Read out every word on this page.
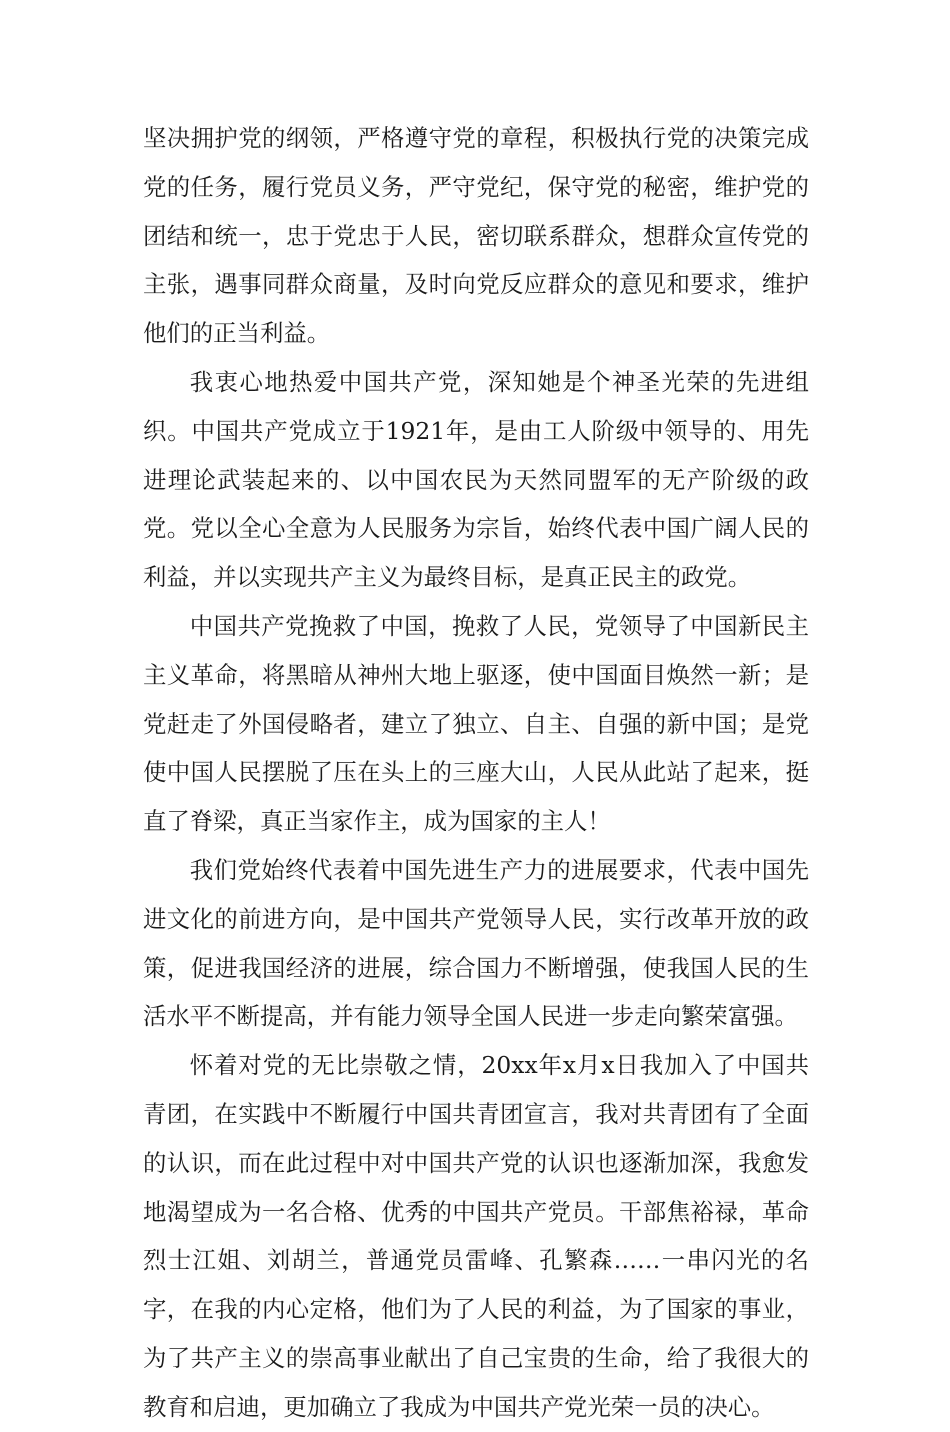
坚决拥护党的纲领，严格遵守党的章程，积极执行党的决策完成党的任务，履行党员义务，严守党纪，保守党的秘密，维护党的团结和统一，忠于党忠于人民，密切联系群众，想群众宣传党的主张，遇事同群众商量，及时向党反应群众的意见和要求，维护他们的正当利益。

我衷心地热爱中国共产党，深知她是个神圣光荣的先进组织。中国共产党成立于1921年，是由工人阶级中领导的、用先进理论武装起来的、以中国农民为天然同盟军的无产阶级的政党。党以全心全意为人民服务为宗旨，始终代表中国广阔人民的利益，并以实现共产主义为最终目标，是真正民主的政党。

中国共产党挽救了中国，挽救了人民，党领导了中国新民主主义革命，将黑暗从神州大地上驱逐，使中国面目焕然一新；是党赶走了外国侵略者，建立了独立、自主、自强的新中国；是党使中国人民摆脱了压在头上的三座大山，人民从此站了起来，挺直了脊梁，真正当家作主，成为国家的主人！

我们党始终代表着中国先进生产力的进展要求，代表中国先进文化的前进方向，是中国共产党领导人民，实行改革开放的政策，促进我国经济的进展，综合国力不断增强，使我国人民的生活水平不断提高，并有能力领导全国人民进一步走向繁荣富强。

怀着对党的无比崇敬之情，20xx年x月x日我加入了中国共青团，在实践中不断履行中国共青团宣言，我对共青团有了全面的认识，而在此过程中对中国共产党的认识也逐渐加深，我愈发地渴望成为一名合格、优秀的中国共产党员。干部焦裕禄，革命烈士江姐、刘胡兰，普通党员雷峰、孔繁森……一串闪光的名字，在我的内心定格，他们为了人民的利益，为了国家的事业，为了共产主义的崇高事业献出了自己宝贵的生命，给了我很大的教育和启迪，更加确立了我成为中国共产党光荣一员的决心。
